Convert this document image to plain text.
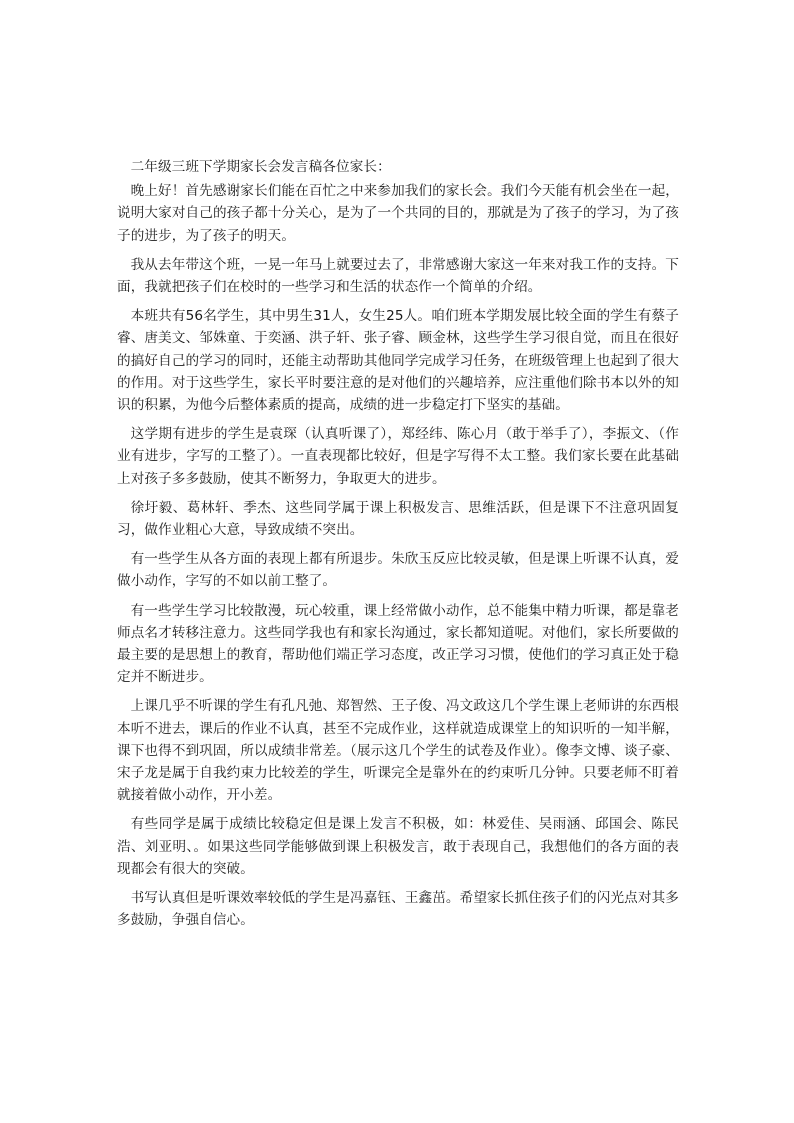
二年级三班下学期家长会发言稿各位家长：

晚上好！首先感谢家长们能在百忙之中来参加我们的家长会。我们今天能有机会坐在一起，说明大家对自己的孩子都十分关心，是为了一个共同的目的，那就是为了孩子的学习，为了孩子的进步，为了孩子的明天。

我从去年带这个班，一晃一年马上就要过去了，非常感谢大家这一年来对我工作的支持。下面，我就把孩子们在校时的一些学习和生活的状态作一个简单的介绍。

本班共有56名学生，其中男生31人，女生25人。咱们班本学期发展比较全面的学生有蔡子睿、唐美文、邹姝童、于奕涵、洪子轩、张子睿、顾金林，这些学生学习很自觉，而且在很好的搞好自己的学习的同时，还能主动帮助其他同学完成学习任务，在班级管理上也起到了很大的作用。对于这些学生，家长平时要注意的是对他们的兴趣培养，应注重他们除书本以外的知识的积累，为他今后整体素质的提高，成绩的进一步稳定打下坚实的基础。

这学期有进步的学生是袁琛（认真听课了），郑经纬、陈心月（敢于举手了），李振文、（作业有进步，字写的工整了）。一直表现都比较好，但是字写得不太工整。我们家长要在此基础上对孩子多多鼓励，使其不断努力，争取更大的进步。

徐圩毅、葛林轩、季杰、这些同学属于课上积极发言、思维活跃，但是课下不注意巩固复习，做作业粗心大意，导致成绩不突出。

有一些学生从各方面的表现上都有所退步。朱欣玉反应比较灵敏，但是课上听课不认真，爱做小动作，字写的不如以前工整了。

有一些学生学习比较散漫，玩心较重，课上经常做小动作，总不能集中精力听课，都是靠老师点名才转移注意力。这些同学我也有和家长沟通过，家长都知道呢。对他们，家长所要做的最主要的是思想上的教育，帮助他们端正学习态度，改正学习习惯，使他们的学习真正处于稳定并不断进步。

上课几乎不听课的学生有孔凡弛、郑智然、王子俊、冯文政这几个学生课上老师讲的东西根本听不进去，课后的作业不认真，甚至不完成作业，这样就造成课堂上的知识听的一知半解，课下也得不到巩固，所以成绩非常差。（展示这几个学生的试卷及作业）。像李文博、谈子豪、宋子龙是属于自我约束力比较差的学生，听课完全是靠外在的约束听几分钟。只要老师不盯着就接着做小动作，开小差。

有些同学是属于成绩比较稳定但是课上发言不积极，如：林爱佳、吴雨涵、邱国会、陈民浩、刘亚明、。如果这些同学能够做到课上积极发言，敢于表现自己，我想他们的各方面的表现都会有很大的突破。

书写认真但是听课效率较低的学生是冯嘉钰、王鑫茁。希望家长抓住孩子们的闪光点对其多多鼓励，争强自信心。
